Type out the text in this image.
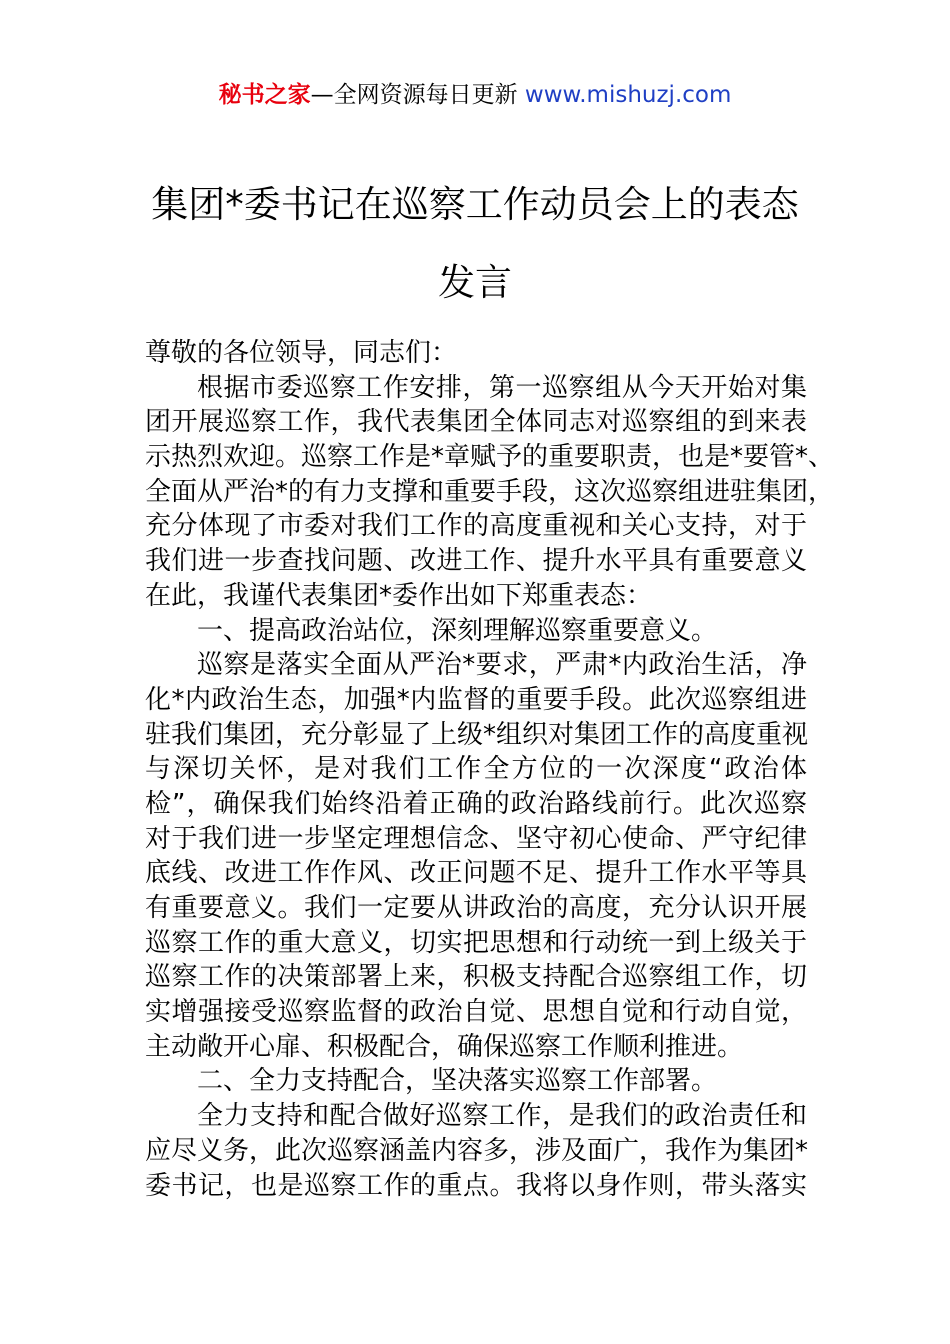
秘书之家—全网资源每日更新 www.mishuzj.com
集团*委书记在巡察工作动员会上的表态
发言
尊敬的各位领导，同志们：
根据市委巡察工作安排，第一巡察组从今天开始对集
团开展巡察工作，我代表集团全体同志对巡察组的到来表
示热烈欢迎。巡察工作是*章赋予的重要职责，也是*要管*、
全面从严治*的有力支撑和重要手段，这次巡察组进驻集团，
充分体现了市委对我们工作的高度重视和关心支持，对于
我们进一步查找问题、改进工作、提升水平具有重要意义
在此，我谨代表集团*委作出如下郑重表态：
一、提高政治站位，深刻理解巡察重要意义。
巡察是落实全面从严治*要求，严肃*内政治生活，净
化*内政治生态，加强*内监督的重要手段。此次巡察组进
驻我们集团，充分彰显了上级*组织对集团工作的高度重视
与深切关怀，是对我们工作全方位的一次深度“政治体
检”，确保我们始终沿着正确的政治路线前行。此次巡察
对于我们进一步坚定理想信念、坚守初心使命、严守纪律
底线、改进工作作风、改正问题不足、提升工作水平等具
有重要意义。我们一定要从讲政治的高度，充分认识开展
巡察工作的重大意义，切实把思想和行动统一到上级关于
巡察工作的决策部署上来，积极支持配合巡察组工作，切
实增强接受巡察监督的政治自觉、思想自觉和行动自觉，
主动敞开心扉、积极配合，确保巡察工作顺利推进。
二、全力支持配合，坚决落实巡察工作部署。
全力支持和配合做好巡察工作，是我们的政治责任和
应尽义务，此次巡察涵盖内容多，涉及面广，我作为集团*
委书记，也是巡察工作的重点。我将以身作则，带头落实
